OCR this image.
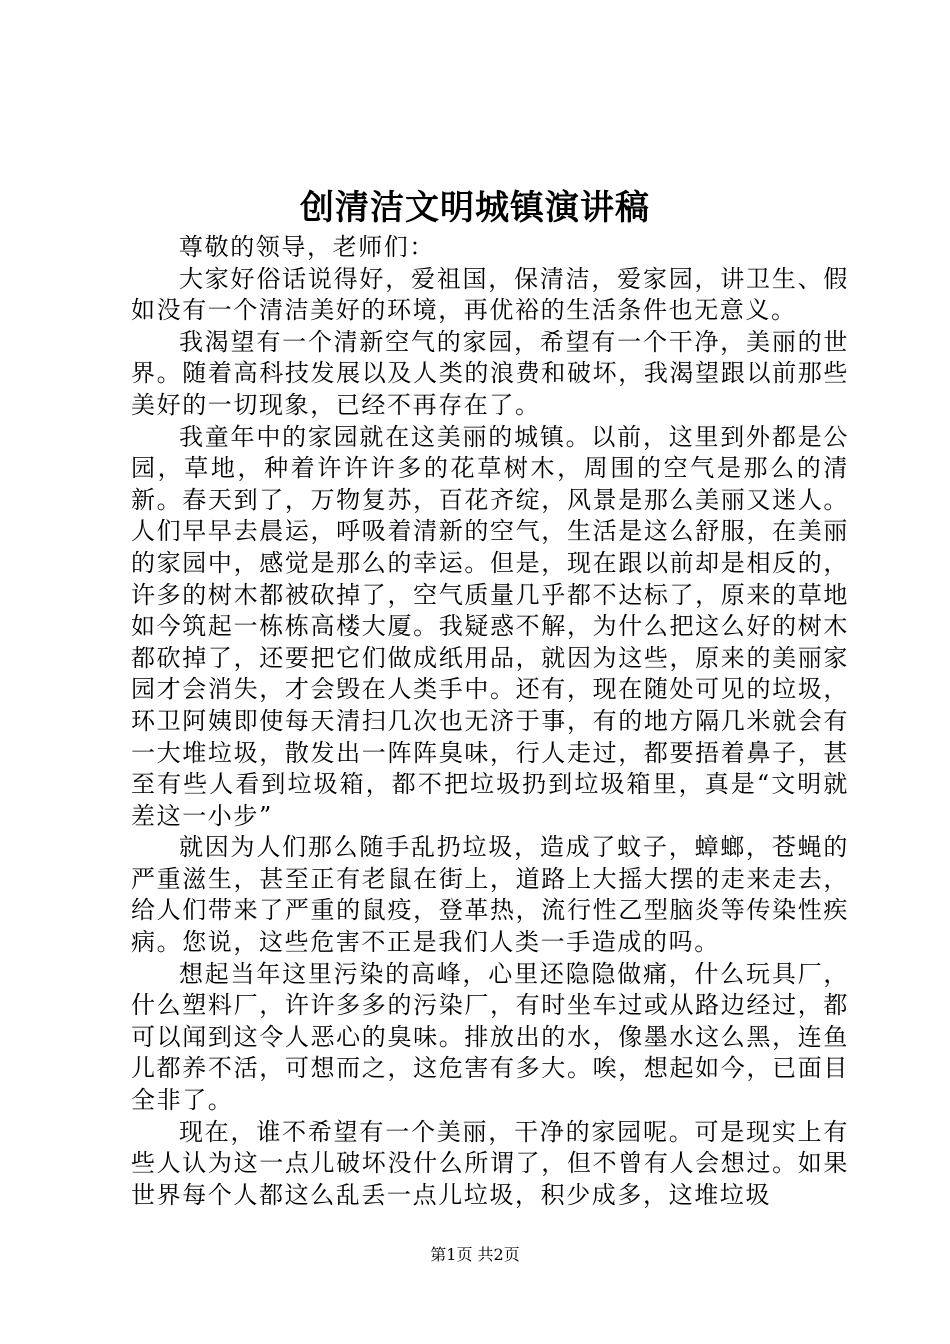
创清洁文明城镇演讲稿

尊敬的领导，老师们：

大家好俗话说得好，爱祖国，保清洁，爱家园，讲卫生、假如没有一个清洁美好的环境，再优裕的生活条件也无意义。

我渴望有一个清新空气的家园，希望有一个干净，美丽的世界。随着高科技发展以及人类的浪费和破坏，我渴望跟以前那些美好的一切现象，已经不再存在了。

我童年中的家园就在这美丽的城镇。以前，这里到外都是公园，草地，种着许许许多的花草树木，周围的空气是那么的清新。春天到了，万物复苏，百花齐绽，风景是那么美丽又迷人。人们早早去晨运，呼吸着清新的空气，生活是这么舒服，在美丽的家园中，感觉是那么的幸运。但是，现在跟以前却是相反的，许多的树木都被砍掉了，空气质量几乎都不达标了，原来的草地如今筑起一栋栋高楼大厦。我疑惑不解，为什么把这么好的树木都砍掉了，还要把它们做成纸用品，就因为这些，原来的美丽家园才会消失，才会毁在人类手中。还有，现在随处可见的垃圾，环卫阿姨即使每天清扫几次也无济于事，有的地方隔几米就会有一大堆垃圾，散发出一阵阵臭味，行人走过，都要捂着鼻子，甚至有些人看到垃圾箱，都不把垃圾扔到垃圾箱里，真是“文明就差这一小步”

就因为人们那么随手乱扔垃圾，造成了蚊子，蟑螂，苍蝇的严重滋生，甚至正有老鼠在街上，道路上大摇大摆的走来走去，给人们带来了严重的鼠疫，登革热，流行性乙型脑炎等传染性疾病。您说，这些危害不正是我们人类一手造成的吗。

想起当年这里污染的高峰，心里还隐隐做痛，什么玩具厂，什么塑料厂，许许多多的污染厂，有时坐车过或从路边经过，都可以闻到这令人恶心的臭味。排放出的水，像墨水这么黑，连鱼儿都养不活，可想而之，这危害有多大。唉，想起如今，已面目全非了。

现在，谁不希望有一个美丽，干净的家园呢。可是现实上有些人认为这一点儿破坏没什么所谓了，但不曾有人会想过。如果世界每个人都这么乱丢一点儿垃圾，积少成多，这堆垃圾

第1页 共2页
